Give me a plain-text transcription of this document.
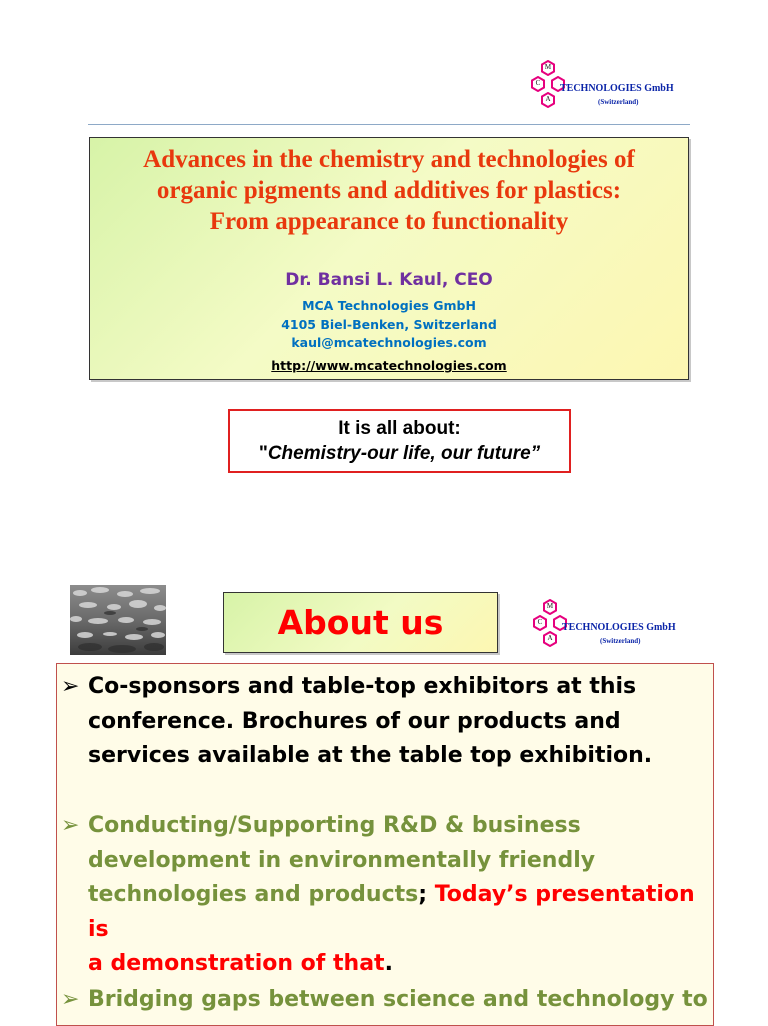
M
C
A
TECHNOLOGIES GmbH
(Switzerland)
Advances in the chemistry and technologies of
organic pigments and additives for plastics:
From appearance to functionality
Dr. Bansi L. Kaul, CEO
MCA Technologies GmbH
4105 Biel-Benken, Switzerland
kaul@mcatechnologies.com
http://www.mcatechnologies.com
It is all about:
"Chemistry-our life, our future”
About us	M
C
A
TECHNOLOGIES GmbH
(Switzerland)
➢ Co-sponsors and table-top exhibitors at this
conference. Brochures of our products and
services available at the table top exhibition.
➢ Conducting/Supporting R&D & business
development in environmentally friendly
technologies and products; Today’s presentation is
a demonstration of that.
➢ Bridging gaps between science and technology to
